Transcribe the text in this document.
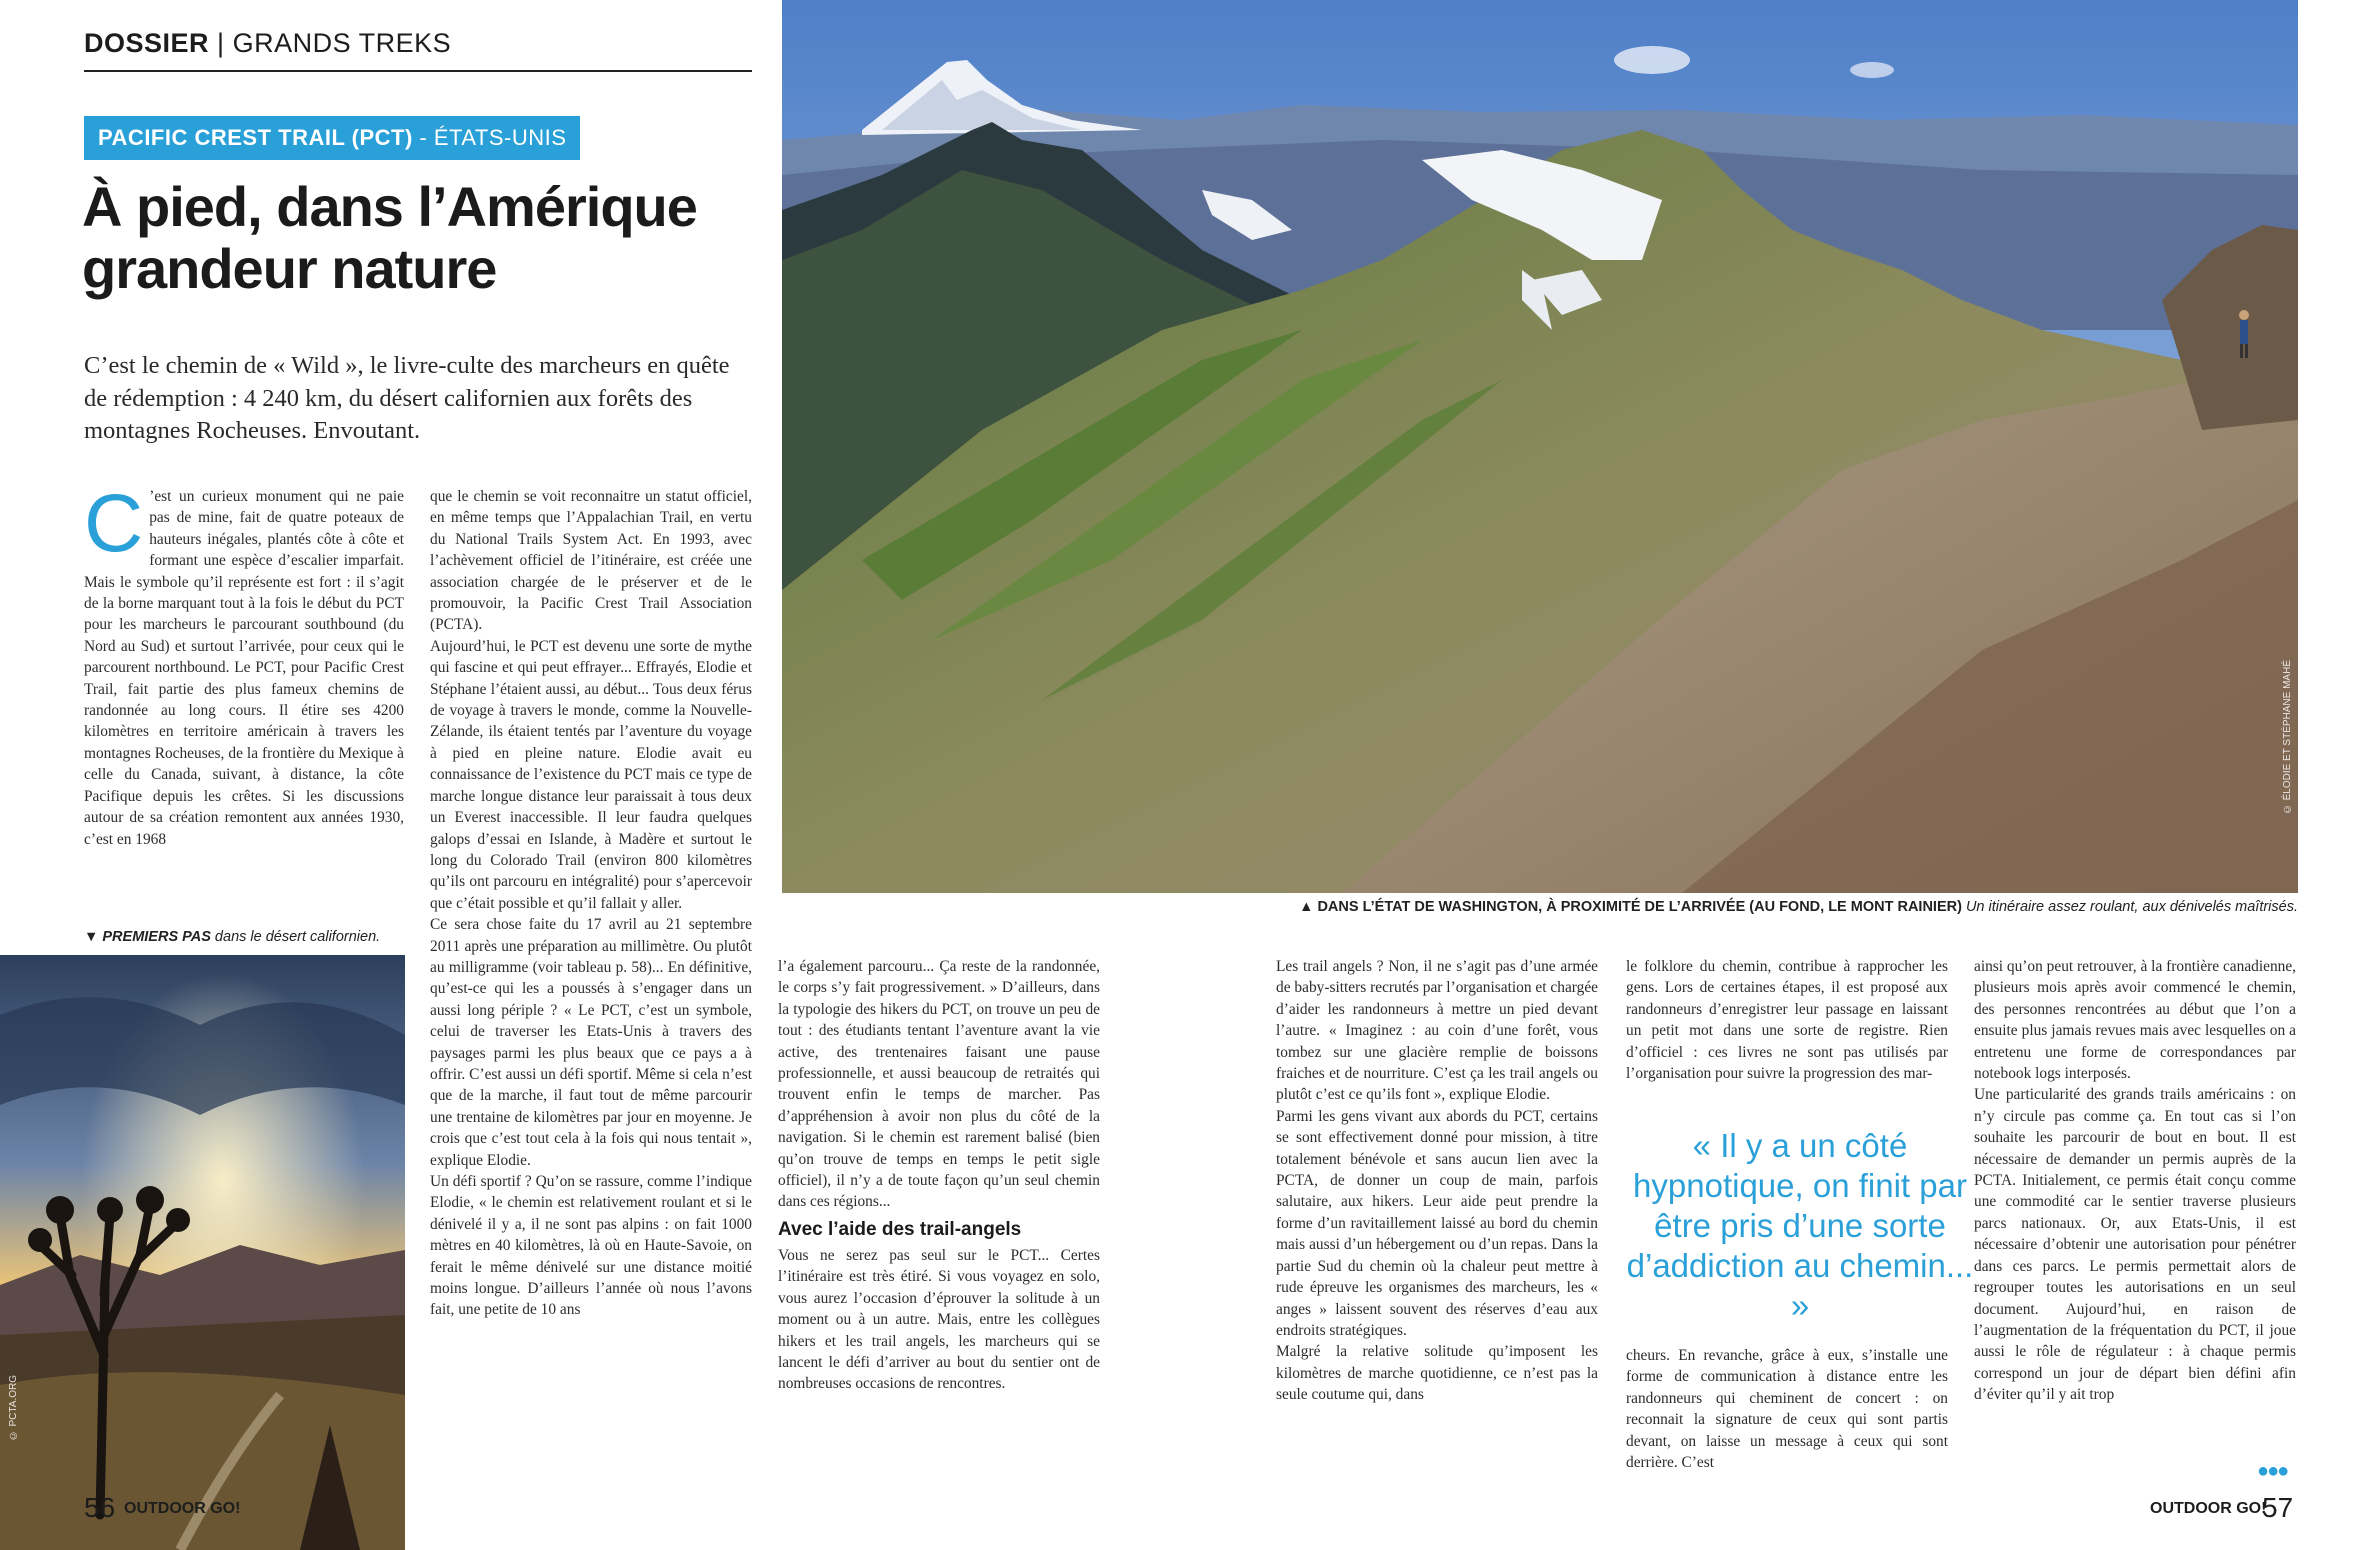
DOSSIER | GRANDS TREKS
PACIFIC CREST TRAIL (PCT) - ÉTATS-UNIS
À pied, dans l’Amérique
grandeur nature
C’est le chemin de « Wild », le livre-culte des marcheurs en quête de rédemption : 4 240 km, du désert californien aux forêts des montagnes Rocheuses. Envoutant.
© ÉLODIE ET STÉPHANE MAHÉ
▲ DANS L’ÉTAT DE WASHINGTON, À PROXIMITÉ DE L’ARRIVÉE (AU FOND, LE MONT RAINIER) Un itinéraire assez roulant, aux dénivelés maîtrisés.
▼ PREMIERS PAS dans le désert californien.
© PCTA.ORG

C ’est un curieux monument qui ne paie pas de mine, fait de quatre poteaux de hauteurs inégales, plantés côte à côte et formant une espèce d’escalier imparfait. Mais le symbole qu’il représente est fort : il s’agit de la borne marquant tout à la fois le début du PCT pour les marcheurs le parcourant southbound (du Nord au Sud) et surtout l’arrivée, pour ceux qui le parcourent northbound. Le PCT, pour Pacific Crest Trail, fait partie des plus fameux chemins de randonnée au long cours. Il étire ses 4200 kilomètres en territoire américain à travers les montagnes Rocheuses, de la frontière du Mexique à celle du Canada, suivant, à distance, la côte Pacifique depuis les crêtes. Si les discussions autour de sa création remontent aux années 1930, c’est en 1968

que le chemin se voit reconnaitre un statut officiel, en même temps que l’Appalachian Trail, en vertu du National Trails System Act. En 1993, avec l’achèvement officiel de l’itinéraire, est créée une association chargée de le préserver et de le promouvoir, la Pacific Crest Trail Association (PCTA).

Aujourd’hui, le PCT est devenu une sorte de mythe qui fascine et qui peut effrayer... Effrayés, Elodie et Stéphane l’étaient aussi, au début... Tous deux férus de voyage à travers le monde, comme la Nouvelle-Zélande, ils étaient tentés par l’aventure du voyage à pied en pleine nature. Elodie avait eu connaissance de l’existence du PCT mais ce type de marche longue distance leur paraissait à tous deux un Everest inaccessible. Il leur faudra quelques galops d’essai en Islande, à Madère et surtout le long du Colorado Trail (environ 800 kilomètres qu’ils ont parcouru en intégralité) pour s’apercevoir que c’était possible et qu’il fallait y aller.

Ce sera chose faite du 17 avril au 21 septembre 2011 après une préparation au millimètre. Ou plutôt au milligramme (voir tableau p. 58)... En définitive, qu’est-ce qui les a poussés à s’engager dans un aussi long périple ? « Le PCT, c’est un symbole, celui de traverser les Etats-Unis à travers des paysages parmi les plus beaux que ce pays a à offrir. C’est aussi un défi sportif. Même si cela n’est que de la marche, il faut tout de même parcourir une trentaine de kilomètres par jour en moyenne. Je crois que c’est tout cela à la fois qui nous tentait », explique Elodie.

Un défi sportif ? Qu’on se rassure, comme l’indique Elodie, « le chemin est relativement roulant et si le dénivelé il y a, il ne sont pas alpins : on fait 1000 mètres en 40 kilomètres, là où en Haute-Savoie, on ferait le même dénivelé sur une distance moitié moins longue. D’ailleurs l’année où nous l’avons fait, une petite de 10 ans

l’a également parcouru... Ça reste de la randonnée, le corps s’y fait progressivement. » D’ailleurs, dans la typologie des hikers du PCT, on trouve un peu de tout : des étudiants tentant l’aventure avant la vie active, des trentenaires faisant une pause professionnelle, et aussi beaucoup de retraités qui trouvent enfin le temps de marcher. Pas d’appréhension à avoir non plus du côté de la navigation. Si le chemin est rarement balisé (bien qu’on trouve de temps en temps le petit sigle officiel), il n’y a de toute façon qu’un seul chemin dans ces régions...

Avec l’aide des trail-angels

Vous ne serez pas seul sur le PCT... Certes l’itinéraire est très étiré. Si vous voyagez en solo, vous aurez l’occasion d’éprouver la solitude à un moment ou à un autre. Mais, entre les collègues hikers et les trail angels, les marcheurs qui se lancent le défi d’arriver au bout du sentier ont de nombreuses occasions de rencontres.

Les trail angels ? Non, il ne s’agit pas d’une armée de baby-sitters recrutés par l’organisation et chargée d’aider les randonneurs à mettre un pied devant l’autre. « Imaginez : au coin d’une forêt, vous tombez sur une glacière remplie de boissons fraiches et de nourriture. C’est ça les trail angels ou plutôt c’est ce qu’ils font », explique Elodie.

Parmi les gens vivant aux abords du PCT, certains se sont effectivement donné pour mission, à titre totalement bénévole et sans aucun lien avec la PCTA, de donner un coup de main, parfois salutaire, aux hikers. Leur aide peut prendre la forme d’un ravitaillement laissé au bord du chemin mais aussi d’un hébergement ou d’un repas. Dans la partie Sud du chemin où la chaleur peut mettre à rude épreuve les organismes des marcheurs, les « anges » laissent souvent des réserves d’eau aux endroits stratégiques.

Malgré la relative solitude qu’imposent les kilomètres de marche quotidienne, ce n’est pas la seule coutume qui, dans

le folklore du chemin, contribue à rapprocher les gens. Lors de certaines étapes, il est proposé aux randonneurs d’enregistrer leur passage en laissant un petit mot dans une sorte de registre. Rien d’officiel : ces livres ne sont pas utilisés par l’organisation pour suivre la progression des mar-

« Il y a un côté hypnotique, on finit par être pris d’une sorte d’addiction au chemin... »

cheurs. En revanche, grâce à eux, s’installe une forme de communication à distance entre les randonneurs qui cheminent de concert : on reconnait la signature de ceux qui sont partis devant, on laisse un message à ceux qui sont derrière. C’est

ainsi qu’on peut retrouver, à la frontière canadienne, plusieurs mois après avoir commencé le chemin, des personnes rencontrées au début que l’on a ensuite plus jamais revues mais avec lesquelles on a entretenu une forme de correspondances par notebook logs interposés.

Une particularité des grands trails américains : on n’y circule pas comme ça. En tout cas si l’on souhaite les parcourir de bout en bout. Il est nécessaire de demander un permis auprès de la PCTA. Initialement, ce permis était conçu comme une commodité car le sentier traverse plusieurs parcs nationaux. Or, aux Etats-Unis, il est nécessaire d’obtenir une autorisation pour pénétrer dans ces parcs. Le permis permettait alors de regrouper toutes les autorisations en un seul document. Aujourd’hui, en raison de l’augmentation de la fréquentation du PCT, il joue aussi le rôle de régulateur : à chaque permis correspond un jour de départ bien défini afin d’éviter qu’il y ait trop

56 OUTDOOR GO!
●●●
OUTDOOR GO!
57
